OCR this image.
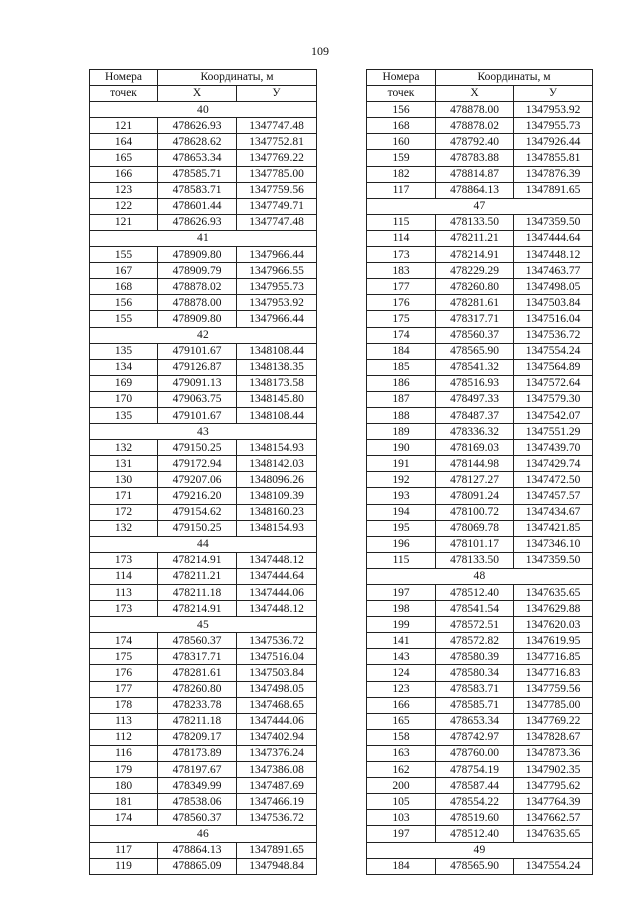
109
Номера	Координаты, м	
точек	X	У
40		
121	478626.93	1347747.48
164	478628.62	1347752.81
165	478653.34	1347769.22
166	478585.71	1347785.00
123	478583.71	1347759.56
122	478601.44	1347749.71
121	478626.93	1347747.48
41		
155	478909.80	1347966.44
167	478909.79	1347966.55
168	478878.02	1347955.73
156	478878.00	1347953.92
155	478909.80	1347966.44
42		
135	479101.67	1348108.44
134	479126.87	1348138.35
169	479091.13	1348173.58
170	479063.75	1348145.80
135	479101.67	1348108.44
43		
132	479150.25	1348154.93
131	479172.94	1348142.03
130	479207.06	1348096.26
171	479216.20	1348109.39
172	479154.62	1348160.23
132	479150.25	1348154.93
44		
173	478214.91	1347448.12
114	478211.21	1347444.64
113	478211.18	1347444.06
173	478214.91	1347448.12
45		
174	478560.37	1347536.72
175	478317.71	1347516.04
176	478281.61	1347503.84
177	478260.80	1347498.05
178	478233.78	1347468.65
113	478211.18	1347444.06
112	478209.17	1347402.94
116	478173.89	1347376.24
179	478197.67	1347386.08
180	478349.99	1347487.69
181	478538.06	1347466.19
174	478560.37	1347536.72
46		
117	478864.13	1347891.65
119	478865.09	1347948.84
Номера	Координаты, м	
точек	X	У
156	478878.00	1347953.92
168	478878.02	1347955.73
160	478792.40	1347926.44
159	478783.88	1347855.81
182	478814.87	1347876.39
117	478864.13	1347891.65
47		
115	478133.50	1347359.50
114	478211.21	1347444.64
173	478214.91	1347448.12
183	478229.29	1347463.77
177	478260.80	1347498.05
176	478281.61	1347503.84
175	478317.71	1347516.04
174	478560.37	1347536.72
184	478565.90	1347554.24
185	478541.32	1347564.89
186	478516.93	1347572.64
187	478497.33	1347579.30
188	478487.37	1347542.07
189	478336.32	1347551.29
190	478169.03	1347439.70
191	478144.98	1347429.74
192	478127.27	1347472.50
193	478091.24	1347457.57
194	478100.72	1347434.67
195	478069.78	1347421.85
196	478101.17	1347346.10
115	478133.50	1347359.50
48		
197	478512.40	1347635.65
198	478541.54	1347629.88
199	478572.51	1347620.03
141	478572.82	1347619.95
143	478580.39	1347716.85
124	478580.34	1347716.83
123	478583.71	1347759.56
166	478585.71	1347785.00
165	478653.34	1347769.22
158	478742.97	1347828.67
163	478760.00	1347873.36
162	478754.19	1347902.35
200	478587.44	1347795.62
105	478554.22	1347764.39
103	478519.60	1347662.57
197	478512.40	1347635.65
49		
184	478565.90	1347554.24
